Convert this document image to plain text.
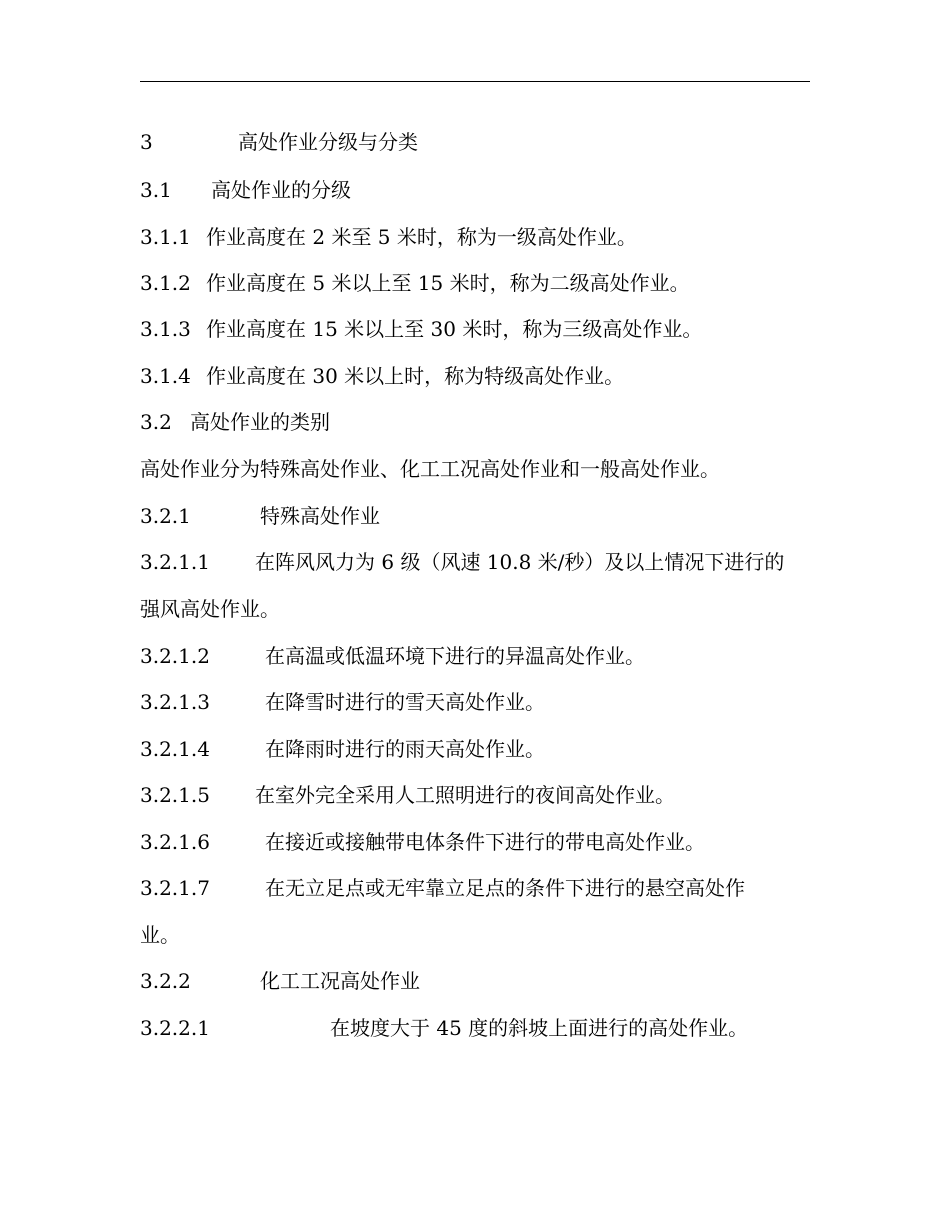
3	高处作业分级与分类
3.1 高处作业的分级
3.1.1 作业高度在 2 米至 5 米时，称为一级高处作业。
3.1.2 作业高度在 5 米以上至 15 米时，称为二级高处作业。
3.1.3 作业高度在 15 米以上至 30 米时，称为三级高处作业。
3.1.4 作业高度在 30 米以上时，称为特级高处作业。
3.2 高处作业的类别
高处作业分为特殊高处作业、化工工况高处作业和一般高处作业。
3.2.1	特殊高处作业
3.2.1.1 在阵风风力为 6 级（风速 10.8 米/秒）及以上情况下进行的
强风高处作业。
3.2.1.2	在高温或低温环境下进行的异温高处作业。
3.2.1.3	在降雪时进行的雪天高处作业。
3.2.1.4	在降雨时进行的雨天高处作业。
3.2.1.5 在室外完全采用人工照明进行的夜间高处作业。
3.2.1.6	在接近或接触带电体条件下进行的带电高处作业。
3.2.1.7	在无立足点或无牢靠立足点的条件下进行的悬空高处作
业。
3.2.2	化工工况高处作业
3.2.2.1	在坡度大于 45 度的斜坡上面进行的高处作业。
